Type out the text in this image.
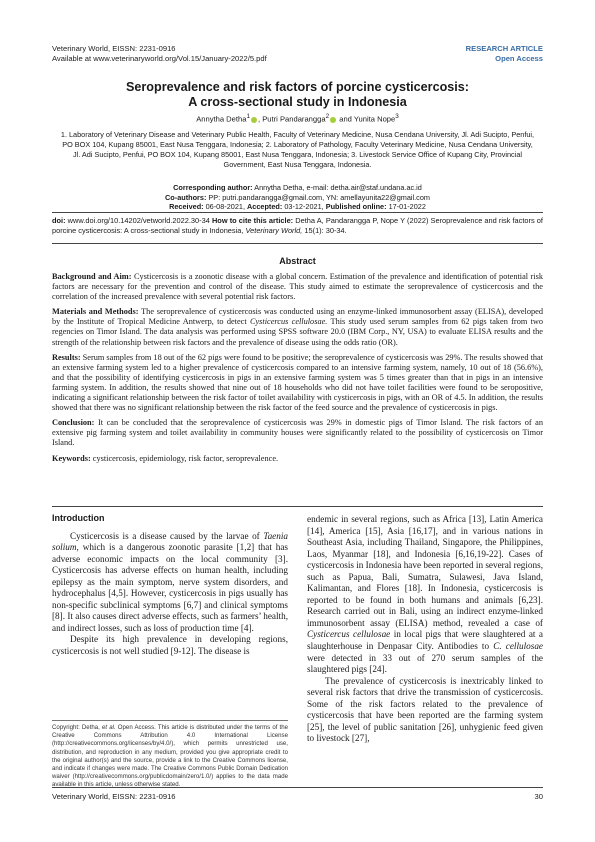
Veterinary World, EISSN: 2231-0916
Available at www.veterinaryworld.org/Vol.15/January-2022/5.pdf
RESEARCH ARTICLE
Open Access
Seroprevalence and risk factors of porcine cysticercosis:
A cross-sectional study in Indonesia
Annytha Detha$^1$ , Putri Pandarangga$^2$ and Yunita Nope$^3$
1. Laboratory of Veterinary Disease and Veterinary Public Health, Faculty of Veterinary Medicine, Nusa Cendana University, Jl. Adi Sucipto, Penfui, PO BOX 104, Kupang 85001, East Nusa Tenggara, Indonesia; 2. Laboratory of Pathology, Faculty Veterinary Medicine, Nusa Cendana University, Jl. Adi Sucipto, Penfui, PO BOX 104, Kupang 85001, East Nusa Tenggara, Indonesia; 3. Livestock Service Office of Kupang City, Provincial Government, East Nusa Tenggara, Indonesia.
Corresponding author: Annytha Detha, e-mail: detha.air@staf.undana.ac.id
Co-authors: PP: putri.pandarangga@gmail.com, YN: amellayunita22@gmail.com
Received: 06-08-2021, Accepted: 03-12-2021, Published online: 17-01-2022
doi: www.doi.org/10.14202/vetworld.2022.30-34 How to cite this article: Detha A, Pandarangga P, Nope Y (2022) Seroprevalence and risk factors of porcine cysticercosis: A cross-sectional study in Indonesia, Veterinary World, 15(1): 30-34.
Abstract

Background and Aim: Cysticercosis is a zoonotic disease with a global concern. Estimation of the prevalence and identification of potential risk factors are necessary for the prevention and control of the disease. This study aimed to estimate the seroprevalence of cysticercosis and the correlation of the increased prevalence with several potential risk factors.

Materials and Methods: The seroprevalence of cysticercosis was conducted using an enzyme-linked immunosorbent assay (ELISA), developed by the Institute of Tropical Medicine Antwerp, to detect Cysticercus cellulosae. This study used serum samples from 62 pigs taken from two regencies on Timor Island. The data analysis was performed using SPSS software 20.0 (IBM Corp., NY, USA) to evaluate ELISA results and the strength of the relationship between risk factors and the prevalence of disease using the odds ratio (OR).

Results: Serum samples from 18 out of the 62 pigs were found to be positive; the seroprevalence of cysticercosis was 29%. The results showed that an extensive farming system led to a higher prevalence of cysticercosis compared to an intensive farming system, namely, 10 out of 18 (56.6%), and that the possibility of identifying cysticercosis in pigs in an extensive farming system was 5 times greater than that in pigs in an intensive farming system. In addition, the results showed that nine out of 18 households who did not have toilet facilities were found to be seropositive, indicating a significant relationship between the risk factor of toilet availability with cysticercosis in pigs, with an OR of 4.5. In addition, the results showed that there was no significant relationship between the risk factor of the feed source and the prevalence of cysticercosis in pigs.

Conclusion: It can be concluded that the seroprevalence of cysticercosis was 29% in domestic pigs of Timor Island. The risk factors of an extensive pig farming system and toilet availability in community houses were significantly related to the possibility of cysticercosis on Timor Island.

Keywords: cysticercosis, epidemiology, risk factor, seroprevalence.

Introduction

Cysticercosis is a disease caused by the larvae of Taenia solium, which is a dangerous zoonotic parasite [1,2] that has adverse economic impacts on the local community [3]. Cysticercosis has adverse effects on human health, including epilepsy as the main symptom, nerve system disorders, and hydrocephalus [4,5]. However, cysticercosis in pigs usually has non-specific subclinical symptoms [6,7] and clinical symptoms [8]. It also causes direct adverse effects, such as farmers’ health, and indirect losses, such as loss of production time [4].

Despite its high prevalence in developing regions, cysticercosis is not well studied [9-12]. The disease is

endemic in several regions, such as Africa [13], Latin America [14], America [15], Asia [16,17], and in various nations in Southeast Asia, including Thailand, Singapore, the Philippines, Laos, Myanmar [18], and Indonesia [6,16,19-22]. Cases of cysticercosis in Indonesia have been reported in several regions, such as Papua, Bali, Sumatra, Sulawesi, Java Island, Kalimantan, and Flores [18]. In Indonesia, cysticercosis is reported to be found in both humans and animals [6,23]. Research carried out in Bali, using an indirect enzyme-linked immunosorbent assay (ELISA) method, revealed a case of Cysticercus cellulosae in local pigs that were slaughtered at a slaughterhouse in Denpasar City. Antibodies to C. cellulosae were detected in 33 out of 270 serum samples of the slaughtered pigs [24].

The prevalence of cysticercosis is inextricably linked to several risk factors that drive the transmission of cysticercosis. Some of the risk factors related to the prevalence of cysticercosis that have been reported are the farming system [25], the level of public sanitation [26], unhygienic feed given to livestock [27],

Copyright: Detha, et al. Open Access. This article is distributed under the terms of the Creative Commons Attribution 4.0 International License (http://creativecommons.org/licenses/by/4.0/), which permits unrestricted use, distribution, and reproduction in any medium, provided you give appropriate credit to the original author(s) and the source, provide a link to the Creative Commons license, and indicate if changes were made. The Creative Commons Public Domain Dedication waiver (http://creativecommons.org/publicdomain/zero/1.0/) applies to the data made available in this article, unless otherwise stated.
Veterinary World, EISSN: 2231-0916	30
